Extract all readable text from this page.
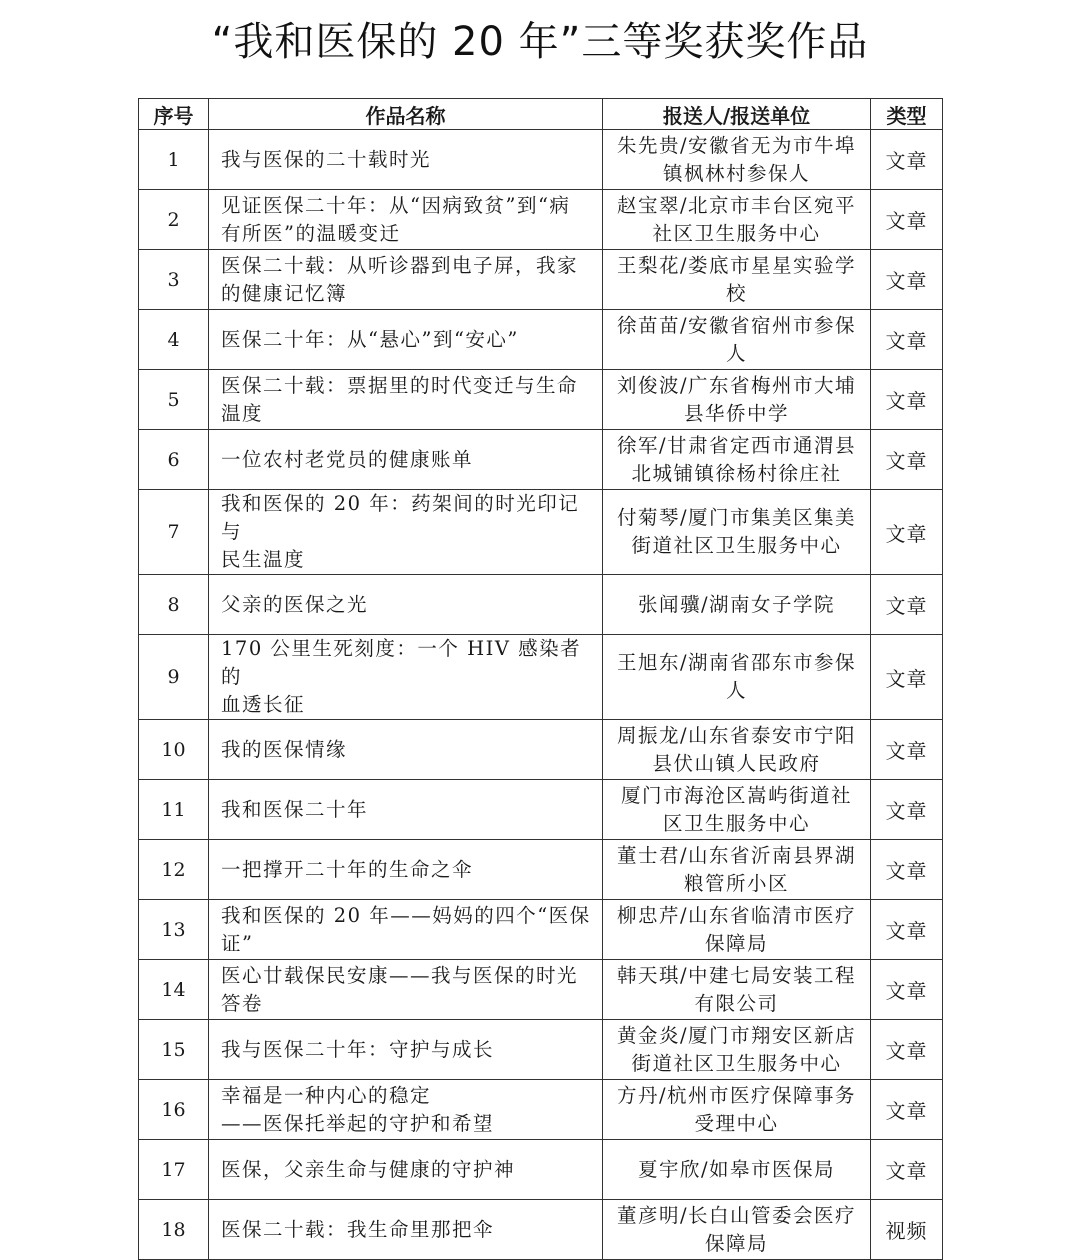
“我和医保的 20 年”三等奖获奖作品
序号	作品名称	报送人/报送单位	类型
1	我与医保的二十载时光	朱先贵/安徽省无为市牛埠
镇枫林村参保人	文章
2	见证医保二十年：从“因病致贫”到“病
有所医”的温暖变迁	赵宝翠/北京市丰台区宛平
社区卫生服务中心	文章
3	医保二十载：从听诊器到电子屏，我家
的健康记忆簿	王梨花/娄底市星星实验学
校	文章
4	医保二十年：从“悬心”到“安心”	徐苗苗/安徽省宿州市参保
人	文章
5	医保二十载：票据里的时代变迁与生命
温度	刘俊波/广东省梅州市大埔
县华侨中学	文章
6	一位农村老党员的健康账单	徐军/甘肃省定西市通渭县
北城铺镇徐杨村徐庄社	文章
7	我和医保的 20 年：药架间的时光印记与
民生温度	付菊琴/厦门市集美区集美
街道社区卫生服务中心	文章
8	父亲的医保之光	张闻骥/湖南女子学院	文章
9	170 公里生死刻度：一个 HIV 感染者的
血透长征	王旭东/湖南省邵东市参保
人	文章
10	我的医保情缘	周振龙/山东省泰安市宁阳
县伏山镇人民政府	文章
11	我和医保二十年	厦门市海沧区嵩屿街道社
区卫生服务中心	文章
12	一把撑开二十年的生命之伞	董士君/山东省沂南县界湖
粮管所小区	文章
13	我和医保的 20 年——妈妈的四个“医保
证”	柳忠芹/山东省临清市医疗
保障局	文章
14	医心廿载保民安康——我与医保的时光
答卷	韩天琪/中建七局安装工程
有限公司	文章
15	我与医保二十年：守护与成长	黄金炎/厦门市翔安区新店
街道社区卫生服务中心	文章
16	幸福是一种内心的稳定
——医保托举起的守护和希望	方丹/杭州市医疗保障事务
受理中心	文章
17	医保，父亲生命与健康的守护神	夏宇欣/如皋市医保局	文章
18	医保二十载：我生命里那把伞	董彦明/长白山管委会医疗
保障局	视频
